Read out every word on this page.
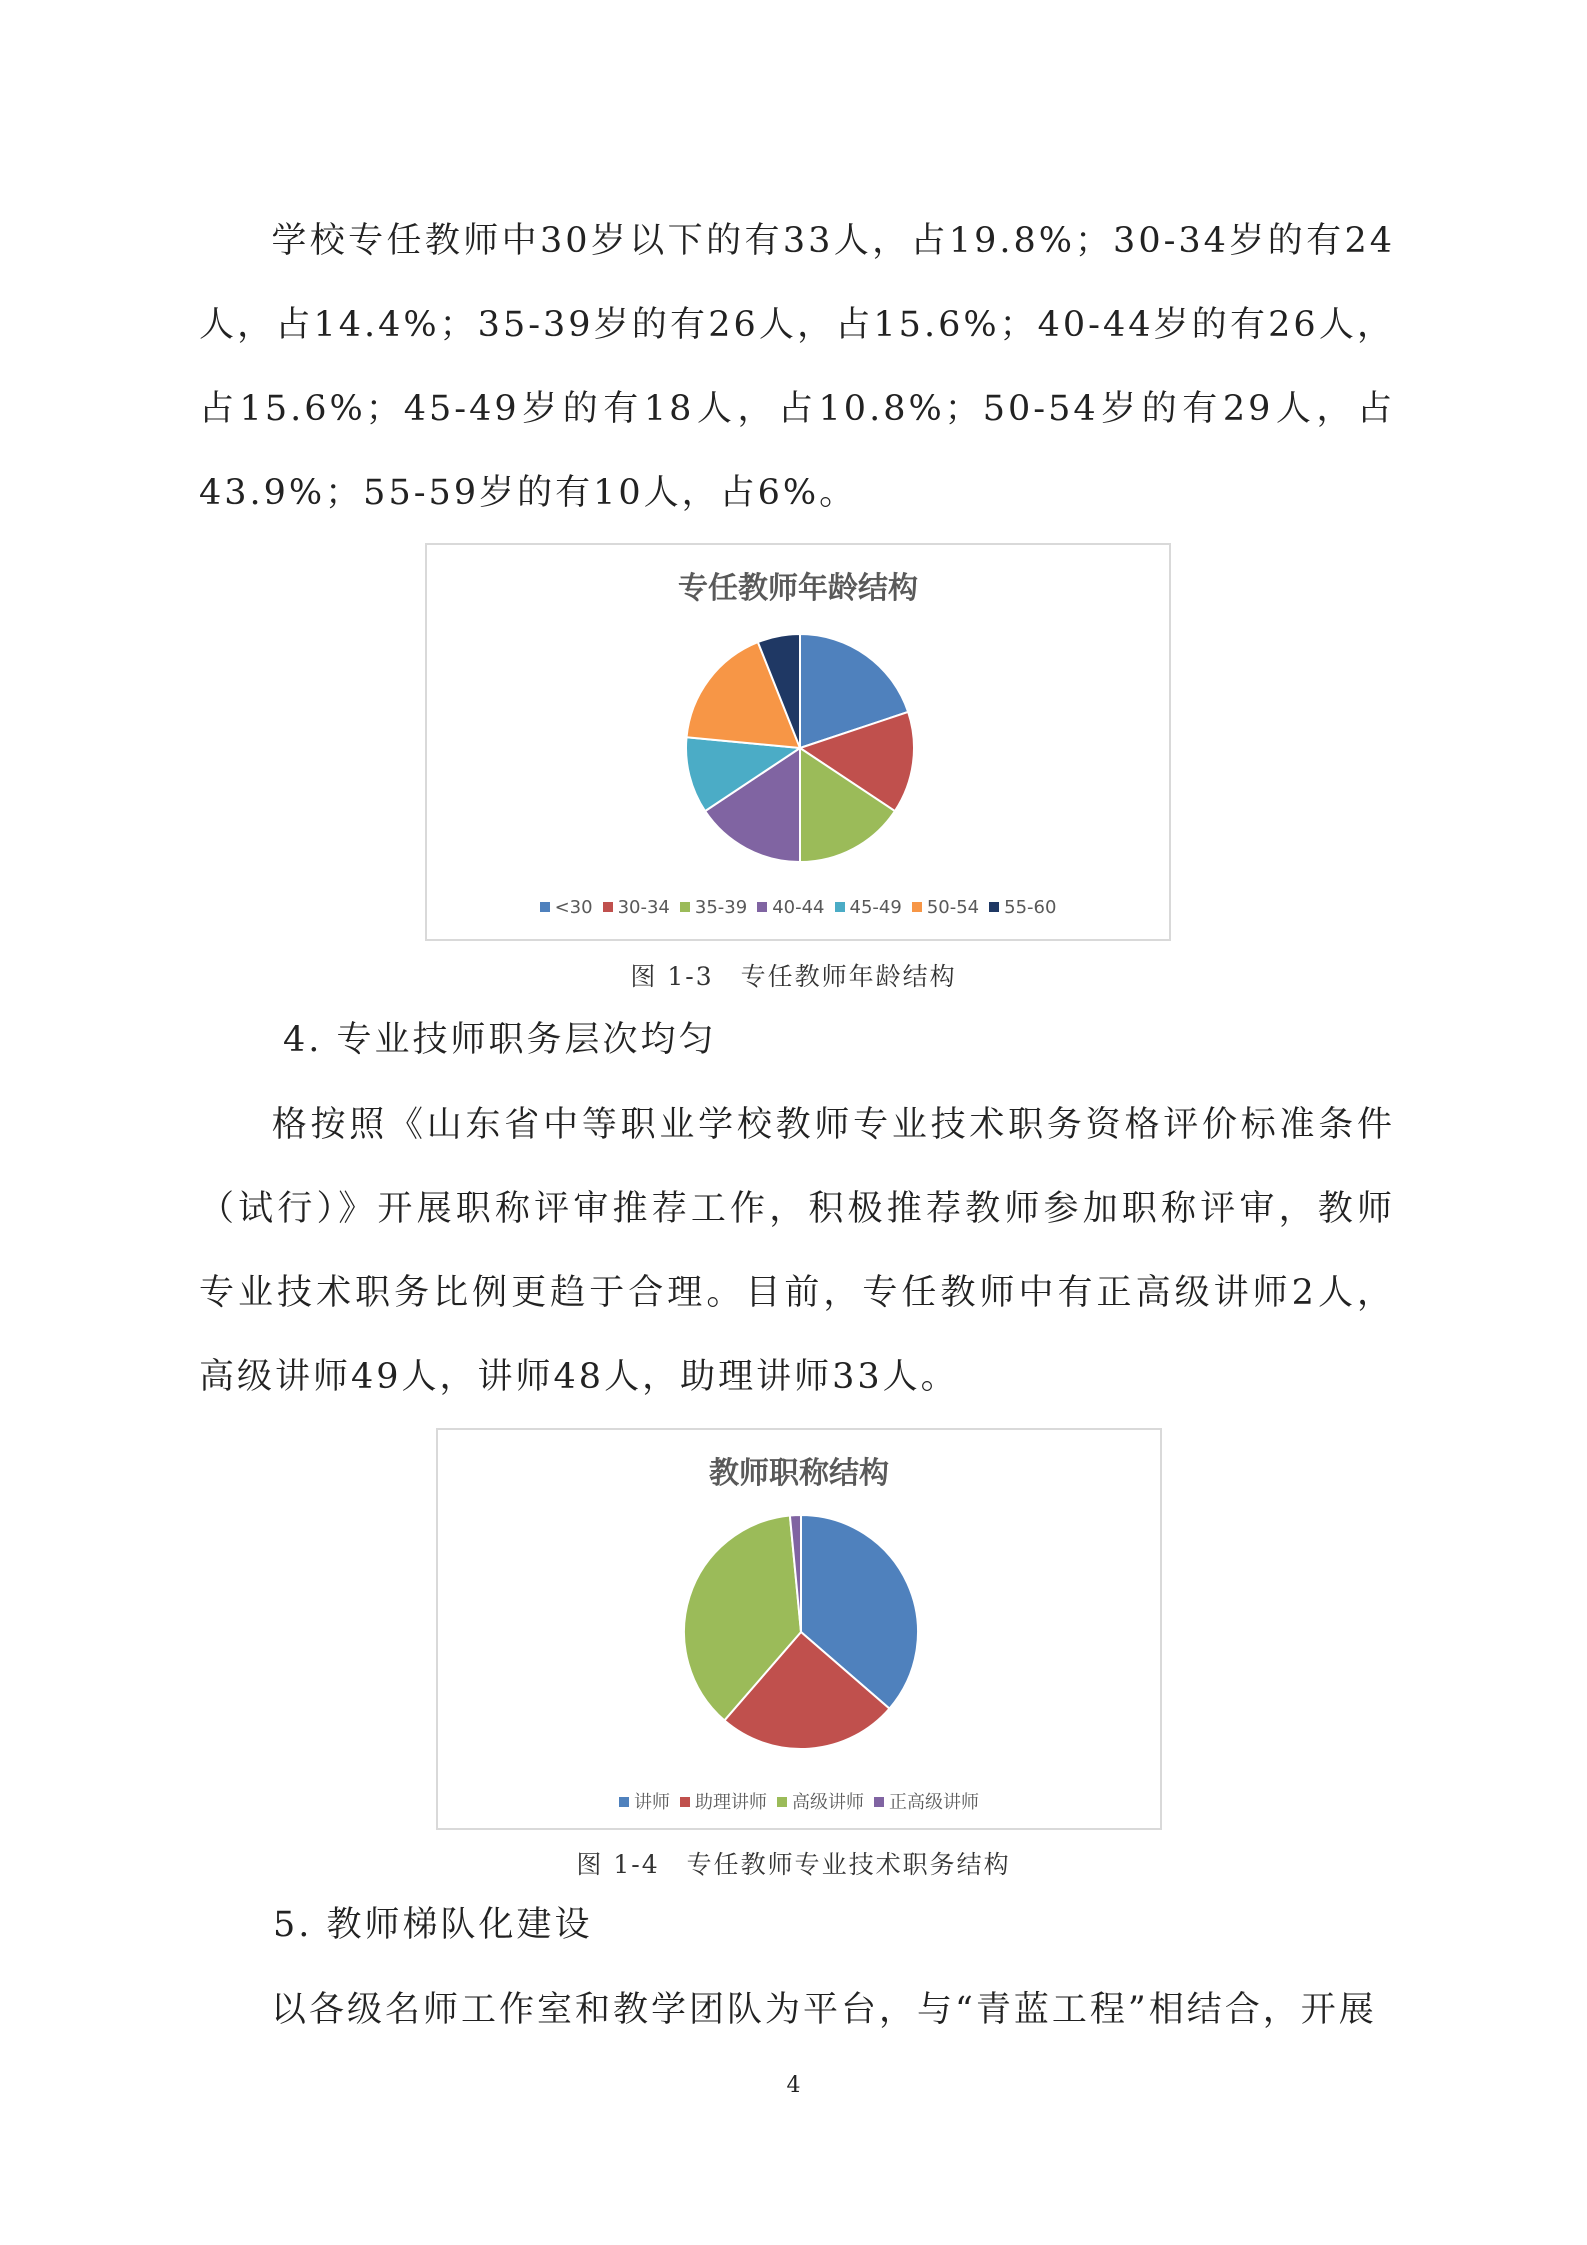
学校专任教师中30岁以下的有33人，占19.8%；30-34岁的有24人，占14.4%；35-39岁的有26人，占15.6%；40-44岁的有26人，占15.6%；45-49岁的有18人，占10.8%；50-54岁的有29人，占43.9%；55-59岁的有10人，占6%。

专任教师年龄结构
<30 30-34 35-39 40-44 45-49 50-54 55-60
图 1-3　专任教师年龄结构
4. 专业技师职务层次均匀

格按照《山东省中等职业学校教师专业技术职务资格评价标准条件（试行）》开展职称评审推荐工作，积极推荐教师参加职称评审，教师专业技术职务比例更趋于合理。目前，专任教师中有正高级讲师2人，高级讲师49人，讲师48人，助理讲师33人。

教师职称结构
讲师 助理讲师 高级讲师 正高级讲师
图 1-4　专任教师专业技术职务结构
5. 教师梯队化建设

以各级名师工作室和教学团队为平台，与“青蓝工程”相结合，开展

4
